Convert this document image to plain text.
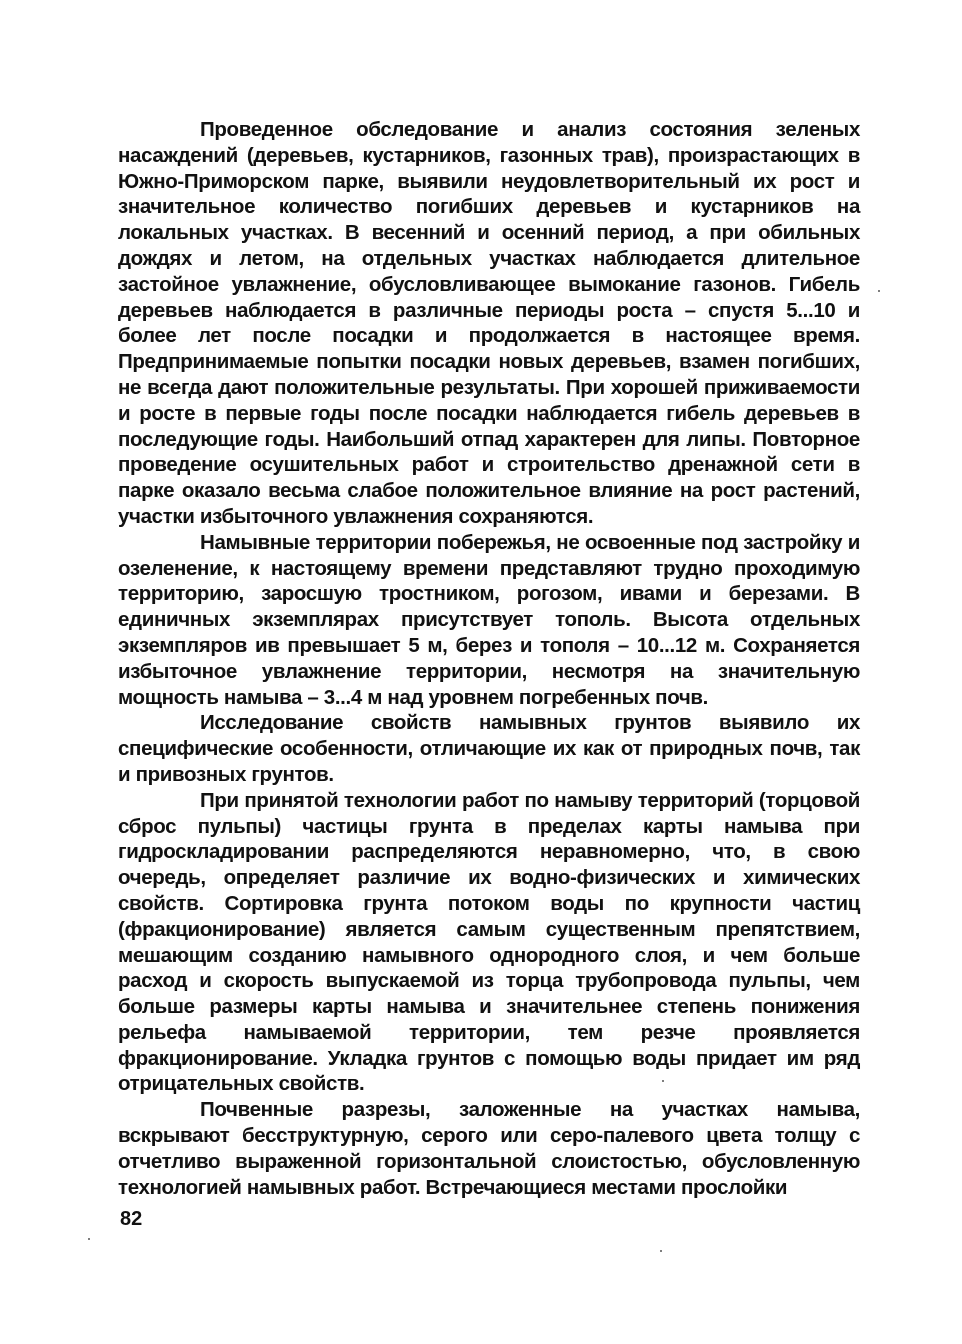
Проведенное обследование и анализ состояния зеленых насаждений (деревьев, кустарников, газонных трав), произрастающих в Южно-Приморском парке, выявили неудовлетворительный их рост и значительное количество погибших деревьев и кустарников на локальных участках. В весенний и осенний период, а при обильных дождях и летом, на отдельных участках наблюдается длительное застойное увлажнение, обусловливающее вымокание газонов. Гибель деревьев наблюдается в различные периоды роста – спустя 5...10 и более лет после посадки и продолжается в настоящее время. Предпринимаемые попытки посадки новых деревьев, взамен погибших, не всегда дают положительные результаты. При хорошей приживаемости и росте в первые годы после посадки наблюдается гибель деревьев в последующие годы. Наибольший отпад характерен для липы. Повторное проведение осушительных работ и строительство дренажной сети в парке оказало весьма слабое положительное влияние на рост растений, участки избыточного увлажнения сохраняются.

Намывные территории побережья, не освоенные под застройку и озеленение, к настоящему времени представляют трудно проходимую территорию, заросшую тростником, рогозом, ивами и березами. В единичных экземплярах присутствует тополь. Высота отдельных экземпляров ив превышает 5 м, берез и тополя – 10...12 м. Сохраняется избыточное увлажнение территории, несмотря на значительную мощность намыва – 3...4 м над уровнем погребенных почв.

Исследование свойств намывных грунтов выявило их специфические особенности, отличающие их как от природных почв, так и привозных грунтов.

При принятой технологии работ по намыву территорий (торцовой сброс пульпы) частицы грунта в пределах карты намыва при гидроскладировании распределяются неравномерно, что, в свою очередь, определяет различие их водно-физических и химических свойств. Сортировка грунта потоком воды по крупности частиц (фракционирование) является самым существенным препятствием, мешающим созданию намывного однородного слоя, и чем больше расход и скорость выпускаемой из торца трубопровода пульпы, чем больше размеры карты намыва и значительнее степень понижения рельефа намываемой территории, тем резче проявляется фракционирование. Укладка грунтов с помощью воды придает им ряд отрицательных свойств.

Почвенные разрезы, заложенные на участках намыва, вскрывают бесструктурную, серого или серо-палевого цвета толщу с отчетливо выраженной горизонтальной слоистостью, обусловленную технологией намывных работ. Встречающиеся местами прослойки

82
